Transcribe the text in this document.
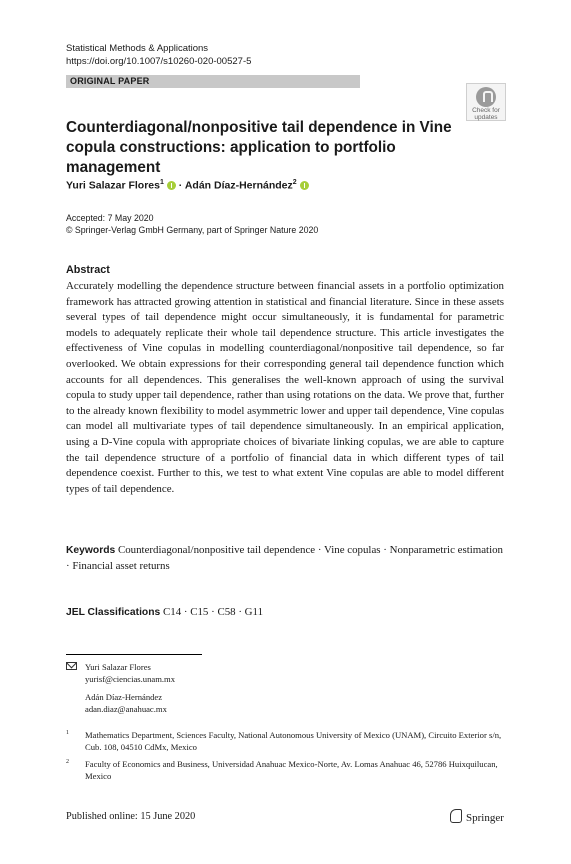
Statistical Methods & Applications
https://doi.org/10.1007/s10260-020-00527-5
ORIGINAL PAPER
Check for
updates
Counterdiagonal/nonpositive tail dependence in Vine
copula constructions: application to portfolio management
Yuri Salazar Flores$^1$ · Adán Díaz‑Hernández$^2$
Accepted: 7 May 2020
© Springer-Verlag GmbH Germany, part of Springer Nature 2020
Abstract
Accurately modelling the dependence structure between financial assets in a portfolio optimization framework has attracted growing attention in statistical and financial literature. Since in these assets several types of tail dependence might occur simultaneously, it is fundamental for parametric models to adequately replicate their whole tail dependence structure. This article investigates the effectiveness of Vine copulas in modelling counterdiagonal/nonpositive tail dependence, so far overlooked. We obtain expressions for their corresponding general tail dependence function which accounts for all dependences. This generalises the well-known approach of using the survival copula to study upper tail dependence, rather than using rotations on the data. We prove that, further to the already known flexibility to model asymmetric lower and upper tail dependence, Vine copulas can model all multivariate types of tail dependence simultaneously. In an empirical application, using a D-Vine copula with appropriate choices of bivariate linking copulas, we are able to capture the tail dependence structure of a portfolio of financial data in which different types of tail dependence coexist. Further to this, we test to what extent Vine copulas are able to model different types of tail dependence.
Keywords Counterdiagonal/nonpositive tail dependence · Vine copulas · Nonparametric estimation · Financial asset returns
JEL Classifications C14 · C15 · C58 · G11
Yuri Salazar Flores
yurisf@ciencias.unam.mx
Adán Díaz‑Hernández
adan.diaz@anahuac.mx
1 Mathematics Department, Sciences Faculty, National Autonomous University of Mexico (UNAM), Circuito Exterior s/n, Cub. 108, 04510 CdMx, Mexico
2 Faculty of Economics and Business, Universidad Anahuac Mexico-Norte, Av. Lomas Anahuac 46, 52786 Huixquilucan, Mexico
Published online: 15 June 2020	Springer
